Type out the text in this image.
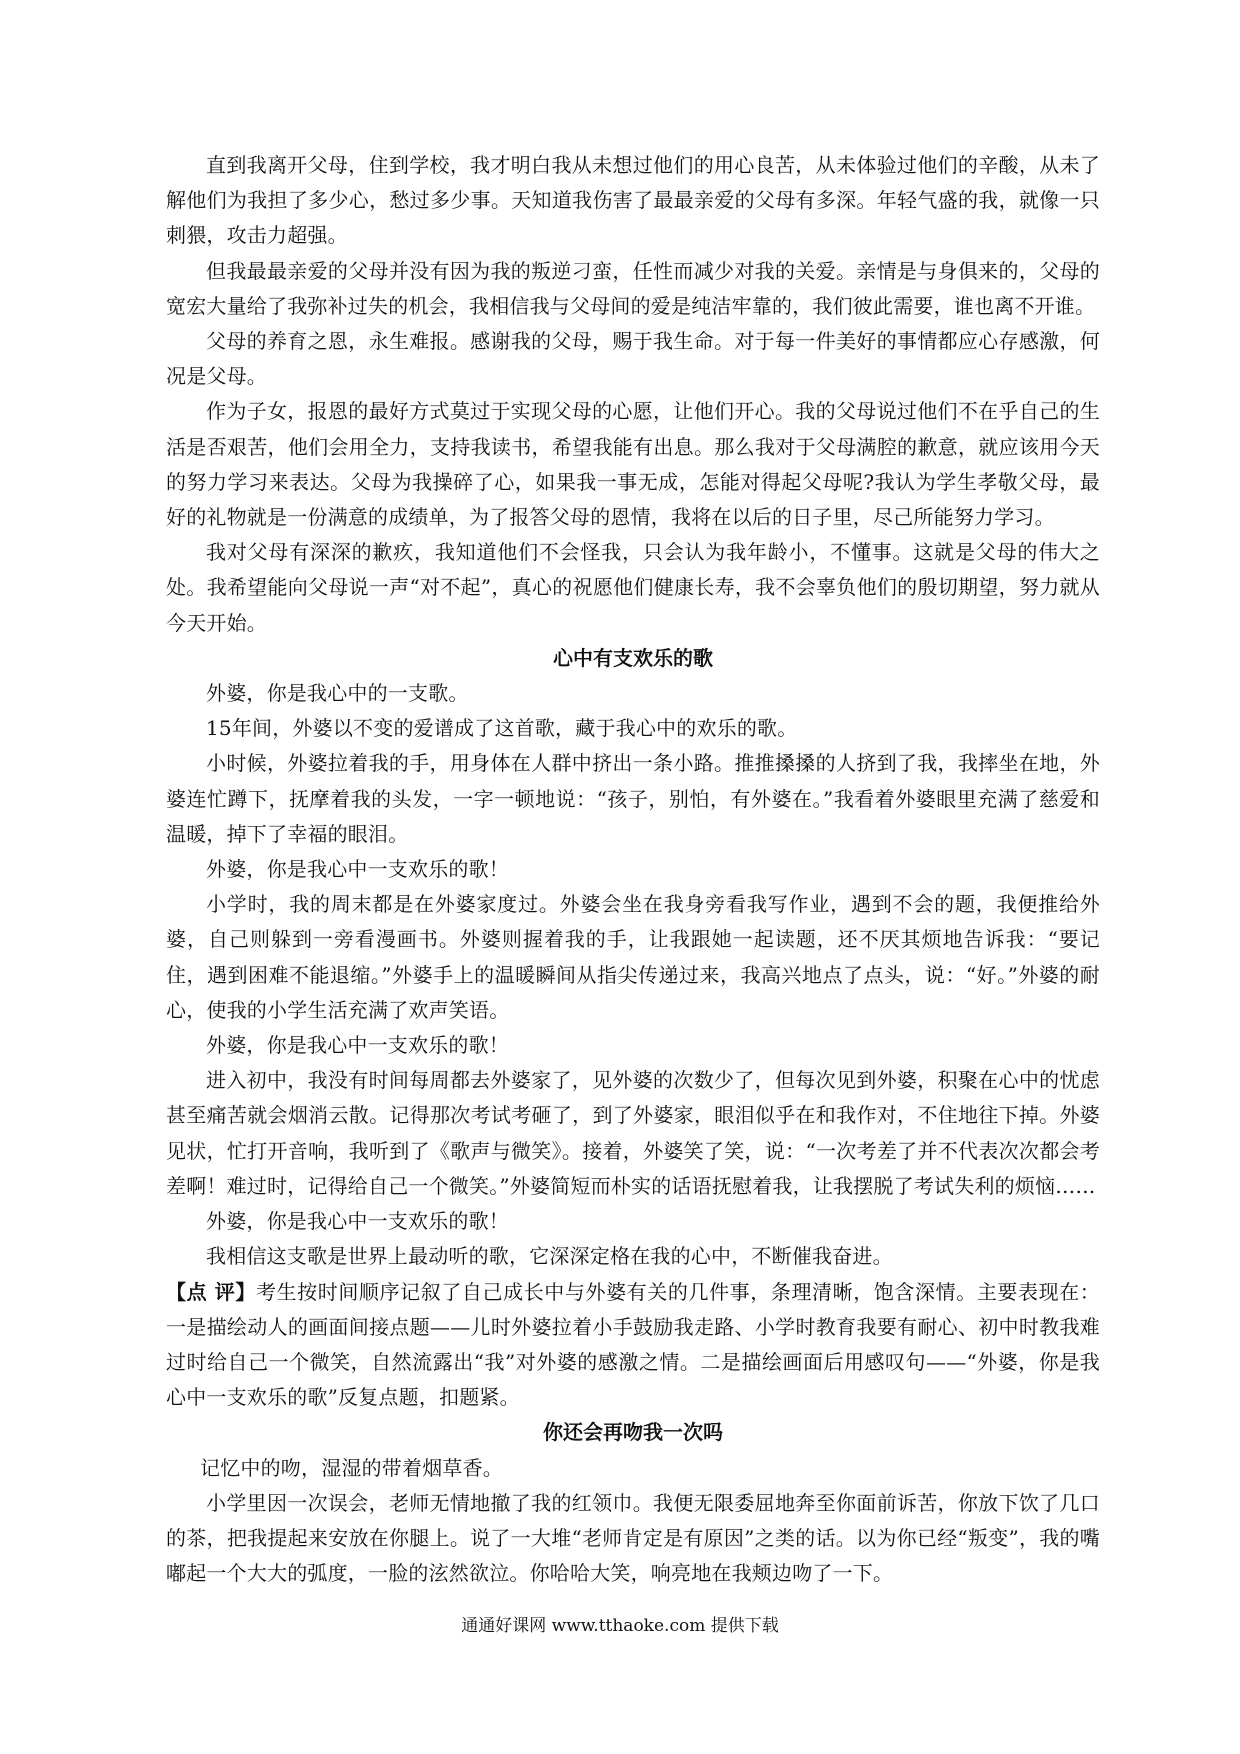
直到我离开父母，住到学校，我才明白我从未想过他们的用心良苦，从未体验过他们的辛酸，从未了解他们为我担了多少心，愁过多少事。天知道我伤害了最最亲爱的父母有多深。年轻气盛的我，就像一只刺猥，攻击力超强。

但我最最亲爱的父母并没有因为我的叛逆刁蛮，任性而减少对我的关爱。亲情是与身俱来的，父母的宽宏大量给了我弥补过失的机会，我相信我与父母间的爱是纯洁牢靠的，我们彼此需要，谁也离不开谁。

父母的养育之恩，永生难报。感谢我的父母，赐于我生命。对于每一件美好的事情都应心存感激，何况是父母。

作为子女，报恩的最好方式莫过于实现父母的心愿，让他们开心。我的父母说过他们不在乎自己的生活是否艰苦，他们会用全力，支持我读书，希望我能有出息。那么我对于父母满腔的歉意，就应该用今天的努力学习来表达。父母为我操碎了心，如果我一事无成，怎能对得起父母呢?我认为学生孝敬父母，最好的礼物就是一份满意的成绩单，为了报答父母的恩情，我将在以后的日子里，尽己所能努力学习。

我对父母有深深的歉疚，我知道他们不会怪我，只会认为我年龄小，不懂事。这就是父母的伟大之处。我希望能向父母说一声“对不起”，真心的祝愿他们健康长寿，我不会辜负他们的殷切期望，努力就从今天开始。

心中有支欢乐的歌

外婆，你是我心中的一支歌。

15年间，外婆以不变的爱谱成了这首歌，藏于我心中的欢乐的歌。

小时候，外婆拉着我的手，用身体在人群中挤出一条小路。推推搡搡的人挤到了我，我摔坐在地，外婆连忙蹲下，抚摩着我的头发，一字一顿地说：“孩子，别怕，有外婆在。”我看着外婆眼里充满了慈爱和温暖，掉下了幸福的眼泪。

外婆，你是我心中一支欢乐的歌！

小学时，我的周末都是在外婆家度过。外婆会坐在我身旁看我写作业，遇到不会的题，我便推给外婆，自己则躲到一旁看漫画书。外婆则握着我的手，让我跟她一起读题，还不厌其烦地告诉我：“要记住，遇到困难不能退缩。”外婆手上的温暖瞬间从指尖传递过来，我高兴地点了点头，说：“好。”外婆的耐心，使我的小学生活充满了欢声笑语。

外婆，你是我心中一支欢乐的歌！

进入初中，我没有时间每周都去外婆家了，见外婆的次数少了，但每次见到外婆，积聚在心中的忧虑甚至痛苦就会烟消云散。记得那次考试考砸了，到了外婆家，眼泪似乎在和我作对，不住地往下掉。外婆见状，忙打开音响，我听到了《歌声与微笑》。接着，外婆笑了笑，说：“一次考差了并不代表次次都会考差啊！难过时，记得给自己一个微笑。”外婆简短而朴实的话语抚慰着我，让我摆脱了考试失利的烦恼……

外婆，你是我心中一支欢乐的歌！

我相信这支歌是世界上最动听的歌，它深深定格在我的心中，不断催我奋进。

【点 评】考生按时间顺序记叙了自己成长中与外婆有关的几件事，条理清晰，饱含深情。主要表现在：一是描绘动人的画面间接点题——儿时外婆拉着小手鼓励我走路、小学时教育我要有耐心、初中时教我难过时给自己一个微笑，自然流露出“我”对外婆的感激之情。二是描绘画面后用感叹句——“外婆，你是我心中一支欢乐的歌”反复点题，扣题紧。

你还会再吻我一次吗

记忆中的吻，湿湿的带着烟草香。

小学里因一次误会，老师无情地撤了我的红领巾。我便无限委屈地奔至你面前诉苦，你放下饮了几口的茶，把我提起来安放在你腿上。说了一大堆“老师肯定是有原因”之类的话。以为你已经“叛变”，我的嘴嘟起一个大大的弧度，一脸的泫然欲泣。你哈哈大笑，响亮地在我颊边吻了一下。

通通好课网 www.tthaoke.com 提供下载
